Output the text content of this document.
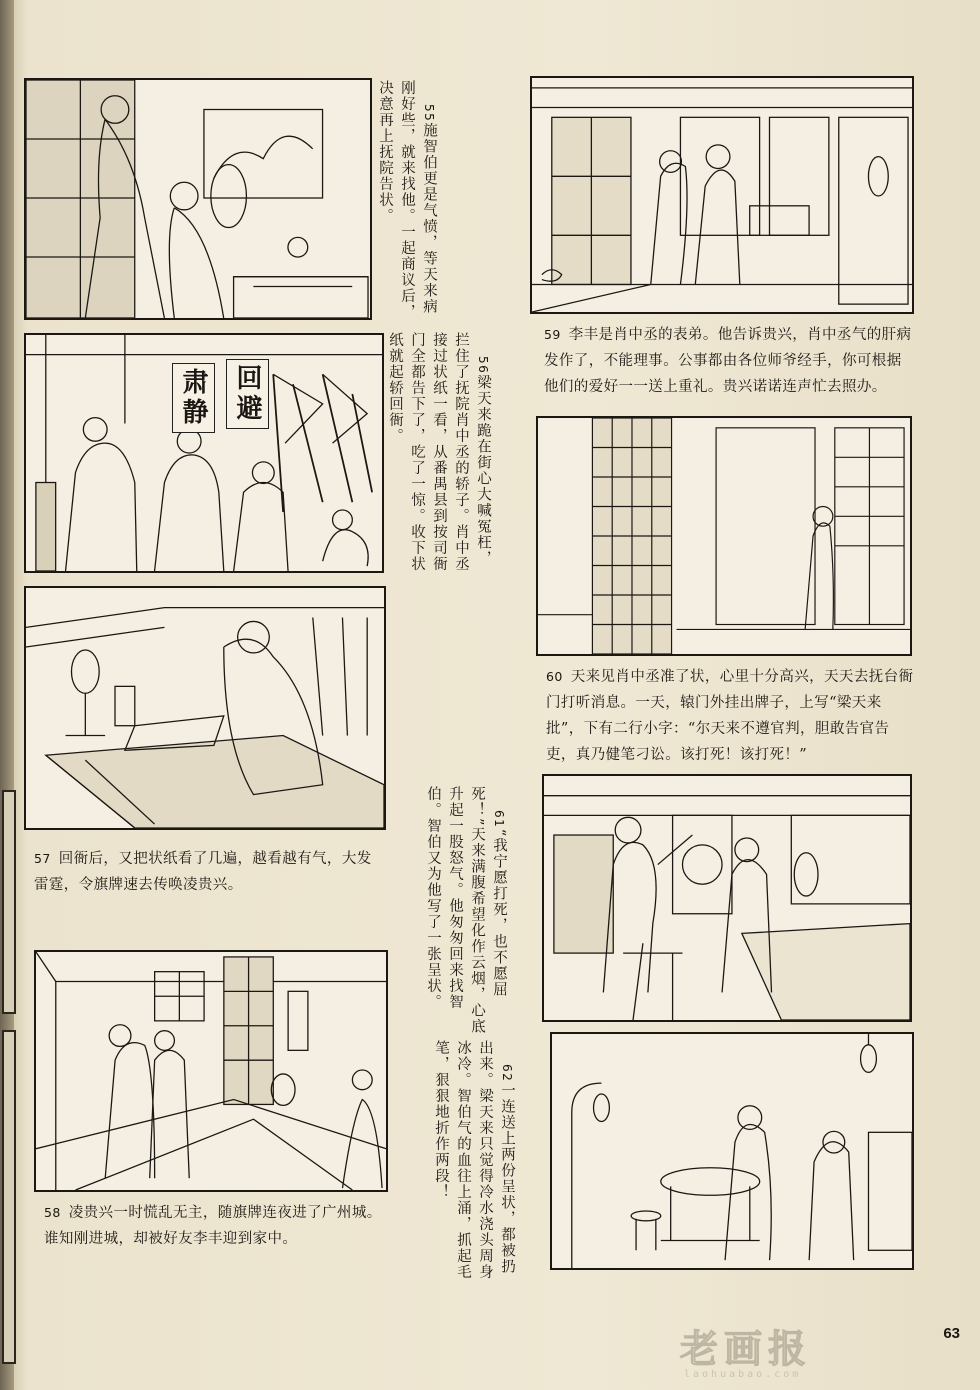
55施智伯更是气愤，等天来病刚好些，就来找他。一起商议后，决意再上抚院告状。

肃静 回避	56梁天来跪在街心大喊冤枉，拦住了抚院肖中丞的轿子。肖中丞接过状纸一看，从番禺县到按司衙门全都告下了，吃了一惊。收下状纸就起轿回衙。

57 回衙后，又把状纸看了几遍，越看越有气，大发雷霆，令旗牌速去传唤凌贵兴。
58 凌贵兴一时慌乱无主，随旗牌连夜进了广州城。谁知刚进城，却被好友李丰迎到家中。
59 李丰是肖中丞的表弟。他告诉贵兴，肖中丞气的肝病发作了，不能理事。公事都由各位师爷经手，你可根据他们的爱好一一送上重礼。贵兴诺诺连声忙去照办。
60 天来见肖中丞准了状，心里十分高兴，天天去抚台衙门打听消息。一天，辕门外挂出牌子，上写“梁天来批”，下有二行小字：“尔天来不遵官判，胆敢告官告吏，真乃健笔刁讼。该打死！该打死！”

61“我宁愿打死，也不愿屈死！”天来满腹希望化作云烟，心底升起一股怒气。他匆匆回来找智伯。智伯又为他写了一张呈状。

62一连送上两份呈状，都被扔出来。梁天来只觉得冷水浇头周身冰冷。智伯气的血往上涌，抓起毛笔，狠狠地折作两段！

老画报
laohuabao.com
63
